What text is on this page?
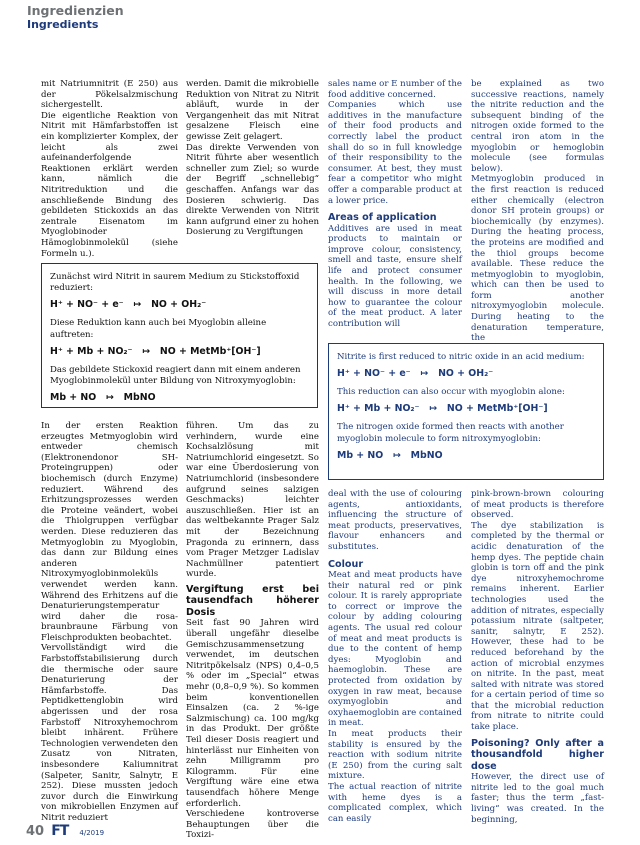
Ingredienzien
Ingredients

mit Natriumnitrit (E 250) aus der Pökelsalzmischung sichergestellt.

Die eigentliche Reaktion von Nitrit mit Hämfarbstoffen ist ein komplizierter Komplex, der leicht als zwei aufeinanderfolgende Reaktionen erklärt werden kann, nämlich die Nitritreduktion und die anschließende Bindung des gebildeten Stickoxids an das zentrale Eisenatom im Myoglobinoder Hämoglobinmolekül (siehe Formeln u.).

werden. Damit die mikrobielle Reduktion von Nitrat zu Nitrit abläuft, wurde in der Vergangenheit das mit Nitrat gesalzene Fleisch eine gewisse Zeit gelagert.

Das direkte Verwenden von Nitrit führte aber wesentlich schneller zum Ziel; so wurde der Begriff „schnellebig“ geschaffen. Anfangs war das Dosieren schwierig. Das direkte Verwenden von Nitrit kann aufgrund einer zu hohen Dosierung zu Vergiftungen

Zunächst wird Nitrit in saurem Medium zu Stickstoffoxid reduziert:

H⁺ + NO⁻ + e⁻   ↦   NO + OH₂⁻

Diese Reduktion kann auch bei Myoglobin alleine auftreten:

H⁺ + Mb + NO₂⁻   ↦   NO + MetMb⁺[OH⁻]

Das gebildete Stickoxid reagiert dann mit einem anderen Myoglobinmolekül unter Bildung von Nitroxymyoglobin:

Mb + NO   ↦   MbNO

In der ersten Reaktion erzeugtes Metmyoglobin wird entweder chemisch (Elektronendonor SH- Proteingruppen) oder biochemisch (durch Enzyme) reduziert. Während des Erhitzungsprozesses werden die Proteine veändert, wobei die Thiolgruppen verfügbar werden. Diese reduzieren das Metmyoglobin zu Myoglobin, das dann zur Bildung eines anderen Nitroxymyoglobinmoleküls verwendet werden kann. Während des Erhitzens auf die Denaturierungstemperatur wird daher die rosa-braunbraune Färbung von Fleischprodukten beobachtet.

Vervollständigt wird die Farbstoffstabilisierung durch die thermische oder saure Denaturierung der Hämfarbstoffe. Das Peptidkettenglobin wird abgerissen und der rosa Farbstoff Nitroxyhemochrom bleibt inhärent. Frühere Technologien verwendeten den Zusatz von Nitraten, insbesondere Kaliumnitrat (Salpeter, Sanitr, Salnytr, E 252). Diese mussten jedoch zuvor durch die Einwirkung von mikrobiellen Enzymen auf Nitrit reduziert

führen. Um das zu verhindern, wurde eine Kochsalzlösung mit Natriumchlorid eingesetzt. So war eine Überdosierung von Natriumchlorid (insbesondere aufgrund seines salzigen Geschmacks) leichter auszuschließen. Hier ist an das weltbekannte Prager Salz mit der Bezeichnung Pragonda zu erinnern, dass vom Prager Metzger Ladislav Nachmüllner patentiert wurde.

Vergiftung erst bei tausendfach höherer Dosis

Seit fast 90 Jahren wird überall ungefähr dieselbe Gemischzusammensetzung verwendet, im deutschen Nitritpökelsalz (NPS) 0,4–0,5 % oder im „Special“ etwas mehr (0,8–0,9 %). So kommen beim konventionellen Einsalzen (ca. 2 %-ige Salzmischung) ca. 100 mg/kg in das Produkt. Der größte Teil dieser Dosis reagiert und hinterlässt nur Einheiten von zehn Milligramm pro Kilogramm. Für eine Vergiftung wäre eine etwa tausendfach höhere Menge erforderlich.

Verschiedene kontroverse Behauptungen über die Toxizi-

sales name or E number of the food additive concerned.

Companies which use additives in the manufacture of their food products and correctly label the product shall do so in full knowledge of their responsibility to the consumer. At best, they must fear a competitor who might offer a comparable product at a lower price.

Areas of application

Additives are used in meat products to maintain or improve colour, consistency, smell and taste, ensure shelf life and protect consumer health. In the following, we will discuss in more detail how to guarantee the colour of the meat product. A later contribution will

be explained as two successive reactions, namely the nitrite reduction and the subsequent binding of the nitrogen oxide formed to the central iron atom in the myoglobin or hemoglobin molecule (see formulas below).

Metmyoglobin produced in the first reaction is reduced either chemically (electron donor SH protein groups) or biochemically (by enzymes). During the heating process, the proteins are modified and the thiol groups become available. These reduce the metmyoglobin to myoglobin, which can then be used to form another nitroxymyoglobin molecule. During heating to the denaturation temperature, the

Nitrite is first reduced to nitric oxide in an acid medium:

H⁺ + NO⁻ + e⁻   ↦   NO + OH₂⁻

This reduction can also occur with myoglobin alone:

H⁺ + Mb + NO₂⁻   ↦   NO + MetMb⁺[OH⁻]

The nitrogen oxide formed then reacts with another myoglobin molecule to form nitroxymyoglobin:

Mb + NO   ↦   MbNO

deal with the use of colouring agents, antioxidants, influencing the structure of meat products, preservatives, flavour enhancers and substitutes.

Colour

Meat and meat products have their natural red or pink colour. It is rarely appropriate to correct or improve the colour by adding colouring agents. The usual red colour of meat and meat products is due to the content of hemp dyes: Myoglobin and haemoglobin. These are protected from oxidation by oxygen in raw meat, because oxymyoglobin and oxyhaemoglobin are contained in meat.

In meat products their stability is ensured by the reaction with sodium nitrite (E 250) from the curing salt mixture.

The actual reaction of nitrite with heme dyes is a complicated complex, which can easily

pink-brown-brown colouring of meat products is therefore observed.

The dye stabilization is completed by the thermal or acidic denaturation of the hemp dyes. The peptide chain globin is torn off and the pink dye nitroxyhemochrome remains inherent. Earlier technologies used the addition of nitrates, especially potassium nitrate (saltpeter, sanitr, salnytr, E 252). However, these had to be reduced beforehand by the action of microbial enzymes on nitrite. In the past, meat salted with nitrate was stored for a certain period of time so that the microbial reduction from nitrate to nitrite could take place.

Poisoning? Only after a thousandfold higher dose

However, the direct use of nitrite led to the goal much faster; thus the term „fast-living“ was created. In the beginning,

40 FT 4/2019
